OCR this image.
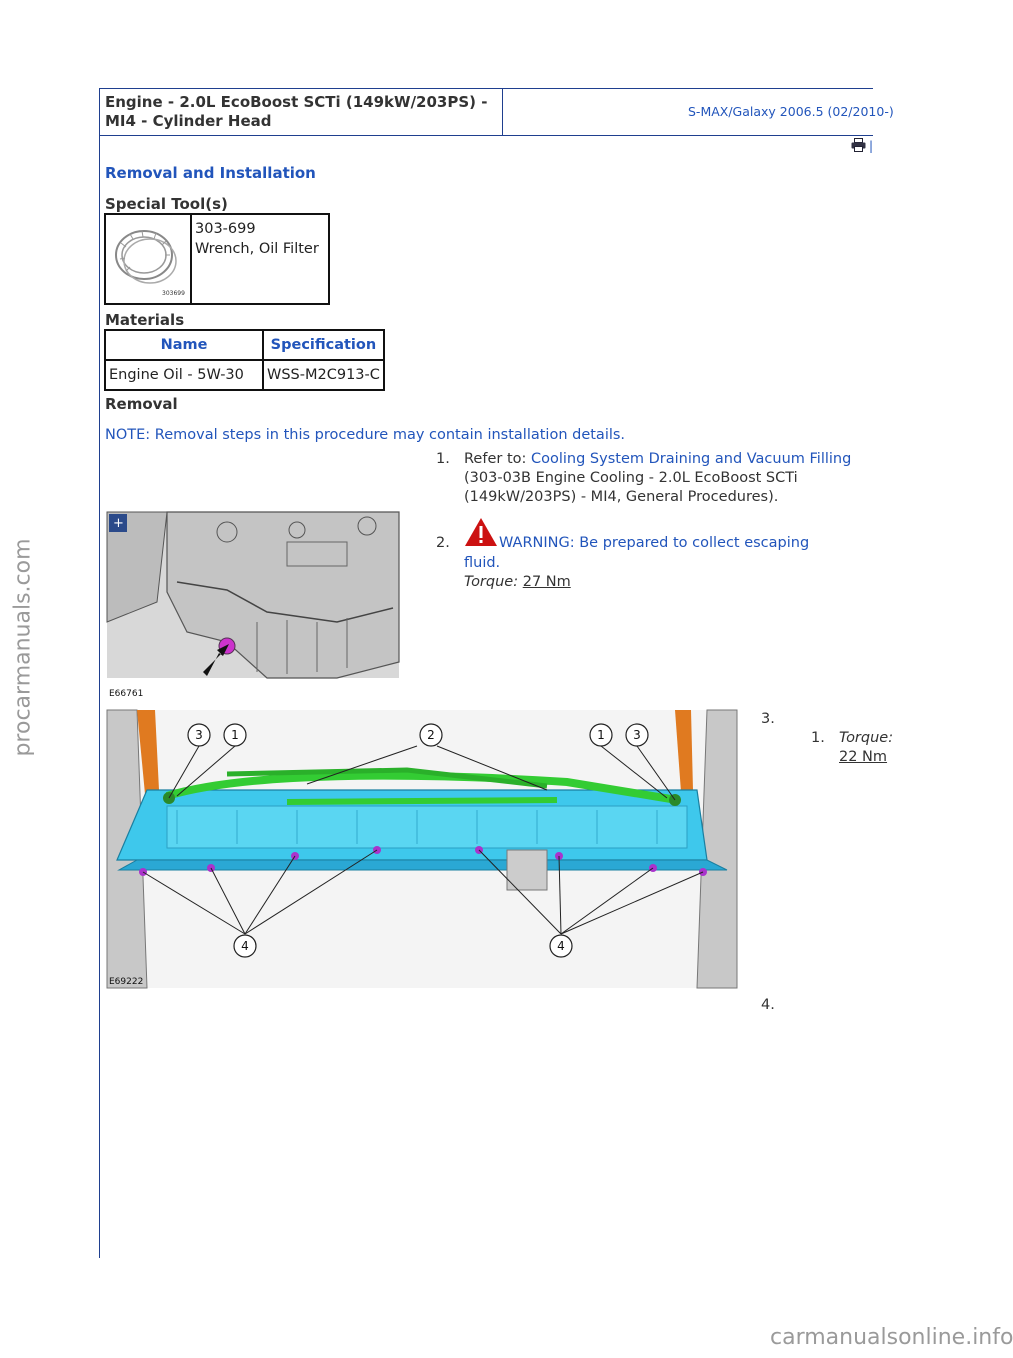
procarmanuals.com
Engine - 2.0L EcoBoost SCTi (149kW/203PS) - MI4 - Cylinder Head
S-MAX/Galaxy 2006.5 (02/2010-)
|
Removal and Installation
Special Tool(s)
303699

303-699
Wrench, Oil Filter
Materials
Name	Specification
Engine Oil - 5W-30	WSS-M2C913-C
Removal
NOTE: Removal steps in this procedure may contain installation details.
1. Refer to: Cooling System Draining and Vacuum Filling
(303-03B Engine Cooling - 2.0L EcoBoost SCTi
(149kW/203PS) - MI4, General Procedures).
+
E66761
2.	WARNING: Be prepared to collect escaping
fluid.
Torque: 27 Nm
3 1	2	1 3
4	4
E69222
3.
1. Torque:
22 Nm
4.
carmanualsonline.info
